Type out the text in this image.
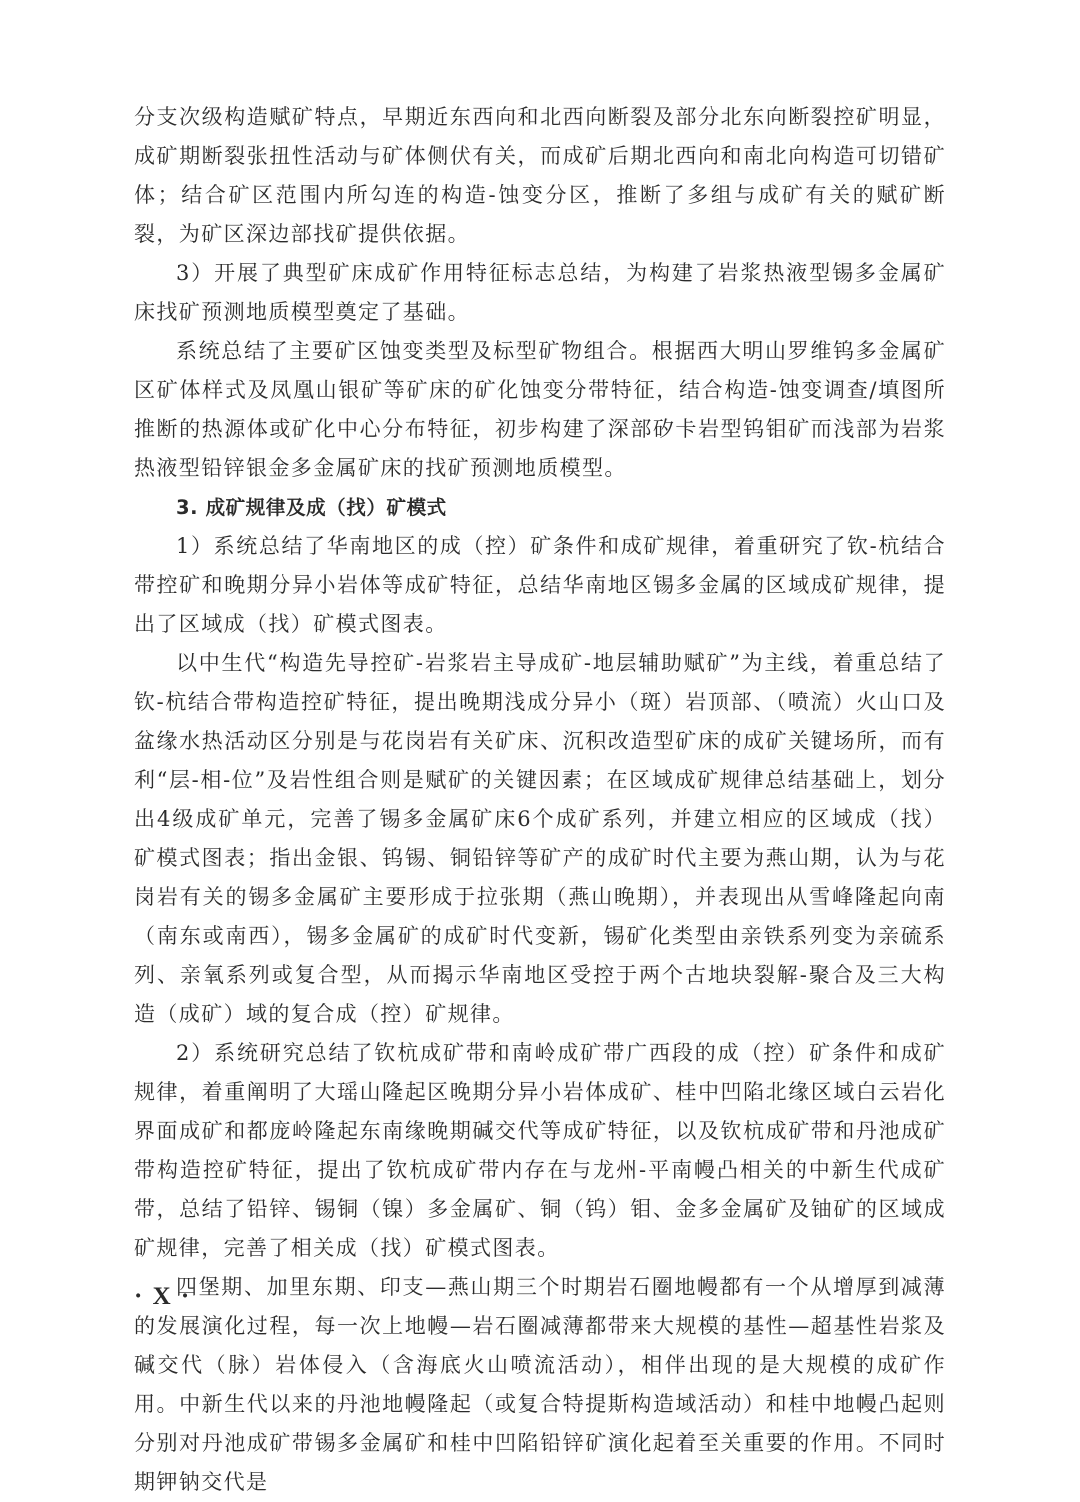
分支次级构造赋矿特点，早期近东西向和北西向断裂及部分北东向断裂控矿明显，成矿期断裂张扭性活动与矿体侧伏有关，而成矿后期北西向和南北向构造可切错矿体；结合矿区范围内所勾连的构造-蚀变分区，推断了多组与成矿有关的赋矿断裂，为矿区深边部找矿提供依据。

3）开展了典型矿床成矿作用特征标志总结，为构建了岩浆热液型锡多金属矿床找矿预测地质模型奠定了基础。

系统总结了主要矿区蚀变类型及标型矿物组合。根据西大明山罗维钨多金属矿区矿体样式及凤凰山银矿等矿床的矿化蚀变分带特征，结合构造-蚀变调查/填图所推断的热源体或矿化中心分布特征，初步构建了深部矽卡岩型钨钼矿而浅部为岩浆热液型铅锌银金多金属矿床的找矿预测地质模型。

3. 成矿规律及成（找）矿模式

1）系统总结了华南地区的成（控）矿条件和成矿规律，着重研究了钦-杭结合带控矿和晚期分异小岩体等成矿特征，总结华南地区锡多金属的区域成矿规律，提出了区域成（找）矿模式图表。

以中生代“构造先导控矿-岩浆岩主导成矿-地层辅助赋矿”为主线，着重总结了钦-杭结合带构造控矿特征，提出晚期浅成分异小（斑）岩顶部、（喷流）火山口及盆缘水热活动区分别是与花岗岩有关矿床、沉积改造型矿床的成矿关键场所，而有利“层-相-位”及岩性组合则是赋矿的关键因素；在区域成矿规律总结基础上，划分出4级成矿单元，完善了锡多金属矿床6个成矿系列，并建立相应的区域成（找）矿模式图表；指出金银、钨锡、铜铅锌等矿产的成矿时代主要为燕山期，认为与花岗岩有关的锡多金属矿主要形成于拉张期（燕山晚期），并表现出从雪峰隆起向南（南东或南西），锡多金属矿的成矿时代变新，锡矿化类型由亲铁系列变为亲硫系列、亲氧系列或复合型，从而揭示华南地区受控于两个古地块裂解-聚合及三大构造（成矿）域的复合成（控）矿规律。

2）系统研究总结了钦杭成矿带和南岭成矿带广西段的成（控）矿条件和成矿规律，着重阐明了大瑶山隆起区晚期分异小岩体成矿、桂中凹陷北缘区域白云岩化界面成矿和都庞岭隆起东南缘晚期碱交代等成矿特征，以及钦杭成矿带和丹池成矿带构造控矿特征，提出了钦杭成矿带内存在与龙州-平南幔凸相关的中新生代成矿带，总结了铅锌、锡铜（镍）多金属矿、铜（钨）钼、金多金属矿及铀矿的区域成矿规律，完善了相关成（找）矿模式图表。

四堡期、加里东期、印支—燕山期三个时期岩石圈地幔都有一个从增厚到减薄的发展演化过程，每一次上地幔—岩石圈减薄都带来大规模的基性—超基性岩浆及碱交代（脉）岩体侵入（含海底火山喷流活动），相伴出现的是大规模的成矿作用。中新生代以来的丹池地幔隆起（或复合特提斯构造域活动）和桂中地幔凸起则分别对丹池成矿带锡多金属矿和桂中凹陷铅锌矿演化起着至关重要的作用。不同时期钾钠交代是

· X ·
